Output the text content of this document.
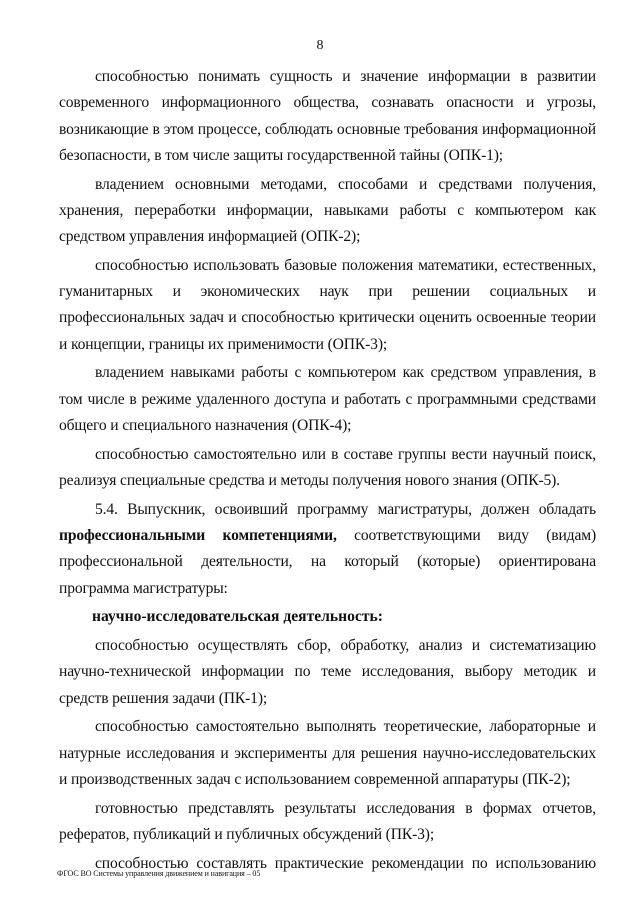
8

способностью понимать сущность и значение информации в развитии современного информационного общества, сознавать опасности и угрозы, возникающие в этом процессе, соблюдать основные требования информационной безопасности, в том числе защиты государственной тайны (ОПК-1);

владением основными методами, способами и средствами получения, хранения, переработки информации, навыками работы с компьютером как средством управления информацией (ОПК-2);

способностью использовать базовые положения математики, естественных, гуманитарных и экономических наук при решении социальных и профессиональных задач и способностью критически оценить освоенные теории и концепции, границы их применимости (ОПК-3);

владением навыками работы с компьютером как средством управления, в том числе в режиме удаленного доступа и работать с программными средствами общего и специального назначения (ОПК-4);

способностью самостоятельно или в составе группы вести научный поиск, реализуя специальные средства и методы получения нового знания (ОПК-5).

5.4. Выпускник, освоивший программу магистратуры, должен обладать профессиональными компетенциями, соответствующими виду (видам) профессиональной деятельности, на который (которые) ориентирована программа магистратуры:

научно-исследовательская деятельность:

способностью осуществлять сбор, обработку, анализ и систематизацию научно-технической информации по теме исследования, выбору методик и средств решения задачи (ПК-1);

способностью самостоятельно выполнять теоретические, лабораторные и натурные исследования и эксперименты для решения научно-исследовательских и производственных задач с использованием современной аппаратуры (ПК-2);

готовностью представлять результаты исследования в формах отчетов, рефератов, публикаций и публичных обсуждений (ПК-3);

способностью составлять практические рекомендации по использованию

ФГОС ВО Системы управления движением и навигация – 05
